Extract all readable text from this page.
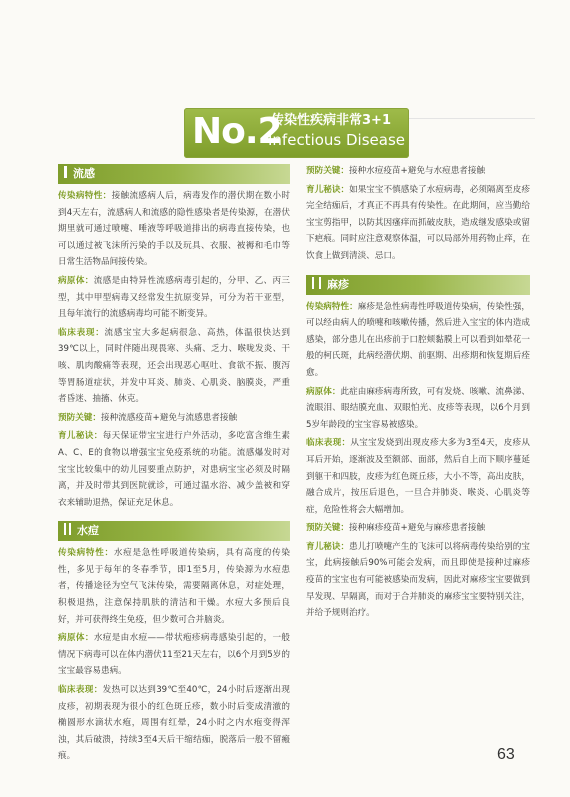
No.2
传染性疾病非常3+1
Infectious Disease
流感

传染病特性：接触流感病人后，病毒发作的潜伏期在数小时到4天左右，流感病人和流感的隐性感染者是传染源，在潜伏期里就可通过喷嚏、唾液等呼吸道排出的病毒直接传染，也可以通过被飞沫所污染的手以及玩具、衣服、被褥和毛巾等日常生活物品间接传染。

病原体：流感是由特异性流感病毒引起的，分甲、乙、丙三型，其中甲型病毒又经常发生抗原变异，可分为若干亚型，且每年流行的流感病毒均可能不断变异。

临床表现：流感宝宝大多起病很急、高热，体温很快达到39℃以上，同时伴随出现畏寒、头痛、乏力、喉咙发炎、干咳、肌肉酸痛等表现，还会出现恶心呕吐、食欲不振、腹泻等胃肠道症状，并发中耳炎、肺炎、心肌炎、脑膜炎，严重者昏迷、抽搐、休克。

预防关键：接种流感疫苗+避免与流感患者接触

育儿秘诀：每天保证带宝宝进行户外活动，多吃富含维生素A、C、E的食物以增强宝宝免疫系统的功能。流感爆发时对宝宝比较集中的幼儿园要重点防护，对患病宝宝必须及时隔离，并及时带其到医院就诊，可通过温水浴、减少盖被和穿衣来辅助退热，保证充足休息。

水痘

传染病特性：水痘是急性呼吸道传染病，具有高度的传染性，多见于每年的冬春季节，即1至5月，传染源为水痘患者，传播途径为空气飞沫传染，需要隔离休息，对症处理，积极退热，注意保持肌肤的清洁和干燥。水痘大多预后良好，并可获得终生免疫，但少数可合并脑炎。

病原体：水痘是由水痘——带状疱疹病毒感染引起的，一般情况下病毒可以在体内潜伏11至21天左右，以6个月到5岁的宝宝最容易患病。

临床表现：发热可以达到39℃至40℃，24小时后逐渐出现皮疹，初期表现为很小的红色斑丘疹，数小时后变成清澈的椭圆形水滴状水疱，周围有红晕，24小时之内水疱变得浑浊，其后破溃，持续3至4天后干缩结痂，脱落后一般不留瘢痕。

预防关键：接种水痘疫苗+避免与水痘患者接触

育儿秘诀：如果宝宝不慎感染了水痘病毒，必须隔离至皮疹完全结痂后，才真正不再具有传染性。在此期间，应当勤给宝宝剪指甲，以防其因瘙痒而抓破皮肤，造成继发感染或留下疤痕。同时应注意观察体温，可以局部外用药物止痒，在饮食上做到清淡、忌口。

麻疹

传染病特性：麻疹是急性病毒性呼吸道传染病，传染性强，可以经由病人的喷嚏和咳嗽传播，然后进入宝宝的体内造成感染，部分患儿在出疹前于口腔颊黏膜上可以看到如晕花一般的柯氏斑，此病经潜伏期、前驱期、出疹期和恢复期后痊愈。

病原体：此症由麻疹病毒所致，可有发烧、咳嗽、流鼻涕、流眼泪、眼结膜充血、双眼怕光、皮疹等表现，以6个月到5岁年龄段的宝宝容易被感染。

临床表现：从宝宝发烧到出现皮疹大多为3至4天，皮疹从耳后开始，逐渐波及至额部、面部，然后自上而下顺序蔓延到躯干和四肢，皮疹为红色斑丘疹，大小不等，高出皮肤，融合成片，按压后退色，一旦合并肺炎、喉炎、心肌炎等症，危险性将会大幅增加。

预防关键：接种麻疹疫苗+避免与麻疹患者接触

育儿秘诀：患儿打喷嚏产生的飞沫可以将病毒传染给别的宝宝，此病接触后90%可能会发病，而且即使是接种过麻疹疫苗的宝宝也有可能被感染而发病，因此对麻疹宝宝要做到早发现、早隔离，而对于合并肺炎的麻疹宝宝要特别关注，并给予规则治疗。

63
